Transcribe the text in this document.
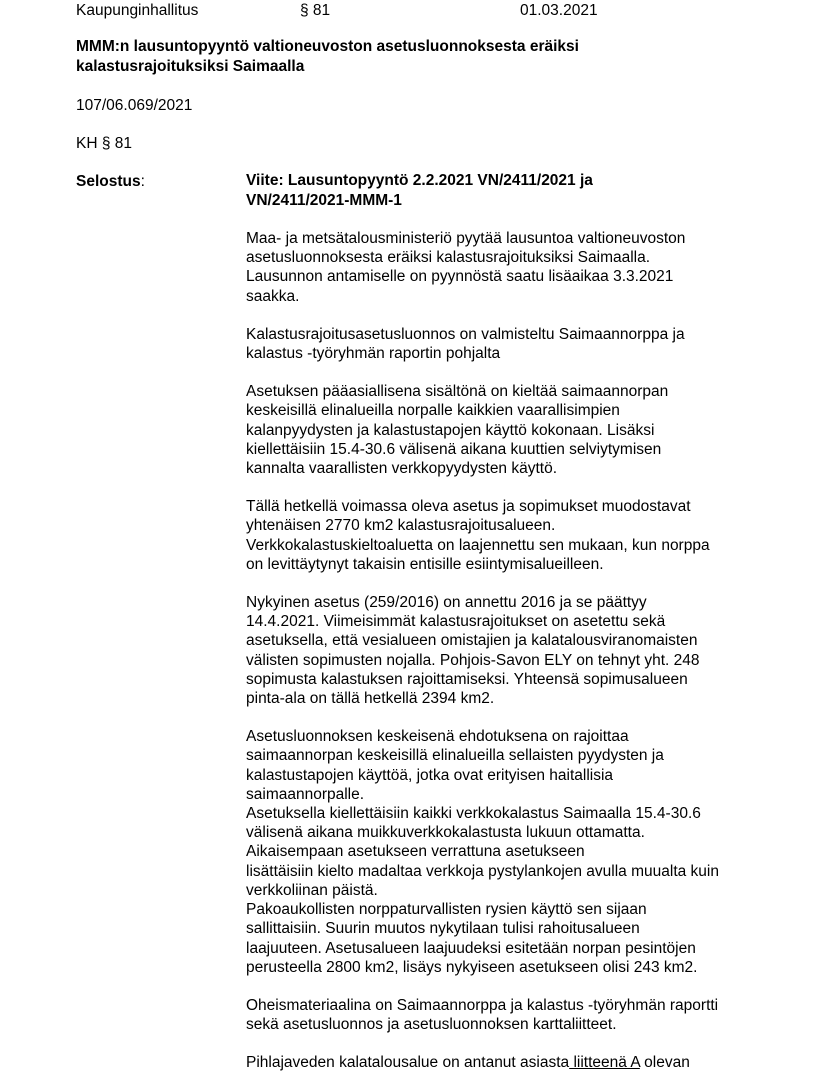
Kaupunginhallitus	§ 81	01.03.2021
MMM:n lausuntopyyntö valtioneuvoston asetusluonnoksesta eräiksi
kalastusrajoituksiksi Saimaalla
107/06.069/2021
KH § 81
Selostus:	Viite: Lausuntopyyntö 2.2.2021 VN/2411/2021 ja
VN/2411/2021-MMM-1
Maa- ja metsätalousministeriö pyytää lausuntoa valtioneuvoston
asetusluonnoksesta eräiksi kalastusrajoituksiksi Saimaalla.
Lausunnon antamiselle on pyynnöstä saatu lisäaikaa 3.3.2021
saakka.
Kalastusrajoitusasetusluonnos on valmisteltu Saimaannorppa ja
kalastus -työryhmän raportin pohjalta
Asetuksen pääasiallisena sisältönä on kieltää saimaannorpan
keskeisillä elinalueilla norpalle kaikkien vaarallisimpien
kalanpyydysten ja kalastustapojen käyttö kokonaan. Lisäksi
kiellettäisiin 15.4-30.6 välisenä aikana kuuttien selviytymisen
kannalta vaarallisten verkkopyydysten käyttö.
Tällä hetkellä voimassa oleva asetus ja sopimukset muodostavat
yhtenäisen 2770 km2 kalastusrajoitusalueen.
Verkkokalastuskieltoaluetta on laajennettu sen mukaan, kun norppa
on levittäytynyt takaisin entisille esiintymisalueilleen.
Nykyinen asetus (259/2016) on annettu 2016 ja se päättyy
14.4.2021. Viimeisimmät kalastusrajoitukset on asetettu sekä
asetuksella, että vesialueen omistajien ja kalatalousviranomaisten
välisten sopimusten nojalla. Pohjois-Savon ELY on tehnyt yht. 248
sopimusta kalastuksen rajoittamiseksi. Yhteensä sopimusalueen
pinta-ala on tällä hetkellä 2394 km2.
Asetusluonnoksen keskeisenä ehdotuksena on rajoittaa
saimaannorpan keskeisillä elinalueilla sellaisten pyydysten ja
kalastustapojen käyttöä, jotka ovat erityisen haitallisia
saimaannorpalle.
Asetuksella kiellettäisiin kaikki verkkokalastus Saimaalla 15.4-30.6
välisenä aikana muikkuverkkokalastusta lukuun ottamatta.
Aikaisempaan asetukseen verrattuna asetukseen
lisättäisiin kielto madaltaa verkkoja pystylankojen avulla muualta kuin
verkkoliinan päistä.
Pakoaukollisten norppaturvallisten rysien käyttö sen sijaan
sallittaisiin. Suurin muutos nykytilaan tulisi rahoitusalueen
laajuuteen. Asetusalueen laajuudeksi esitetään norpan pesintöjen
perusteella 2800 km2, lisäys nykyiseen asetukseen olisi 243 km2.
Oheismateriaalina on Saimaannorppa ja kalastus -työryhmän raportti
sekä asetusluonnos ja asetusluonnoksen karttaliitteet.
Pihlajaveden kalatalousalue on antanut asiasta liitteenä A olevan
